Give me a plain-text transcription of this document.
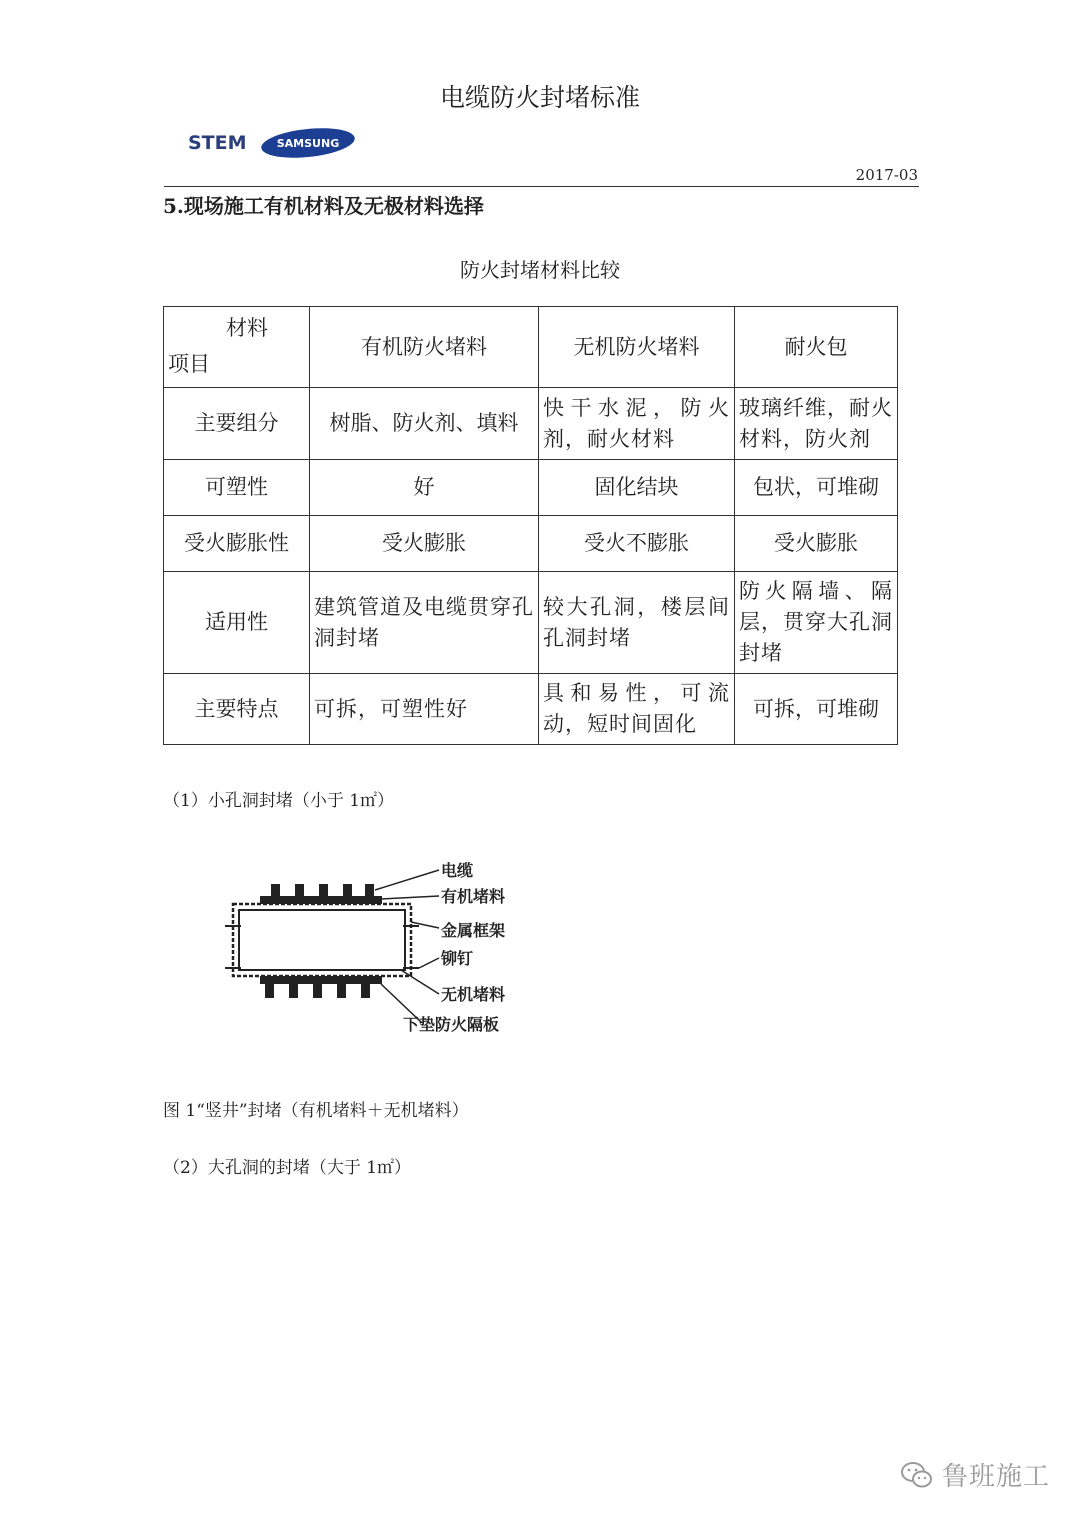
电缆防火封堵标准
STEM	SAMSUNG
2017-03
5.现场施工有机材料及无极材料选择
防火封堵材料比较
材料
项目	有机防火堵料	无机防火堵料	耐火包
主要组分	树脂、防火剂、填料	快干水泥，防火剂，耐火材料	玻璃纤维，耐火材料，防火剂
可塑性	好	固化结块	包状，可堆砌
受火膨胀性	受火膨胀	受火不膨胀	受火膨胀
适用性	建筑管道及电缆贯穿孔洞封堵	较大孔洞，楼层间孔洞封堵	防火隔墙、隔层，贯穿大孔洞封堵
主要特点	可拆，可塑性好	具和易性，可流动，短时间固化	可拆，可堆砌
（1）小孔洞封堵（小于 1㎡）
电缆
有机堵料
金属框架
铆钉
无机堵料
下垫防火隔板
图 1“竖井”封堵（有机堵料＋无机堵料）
（2）大孔洞的封堵（大于 1㎡）
鲁班施工
